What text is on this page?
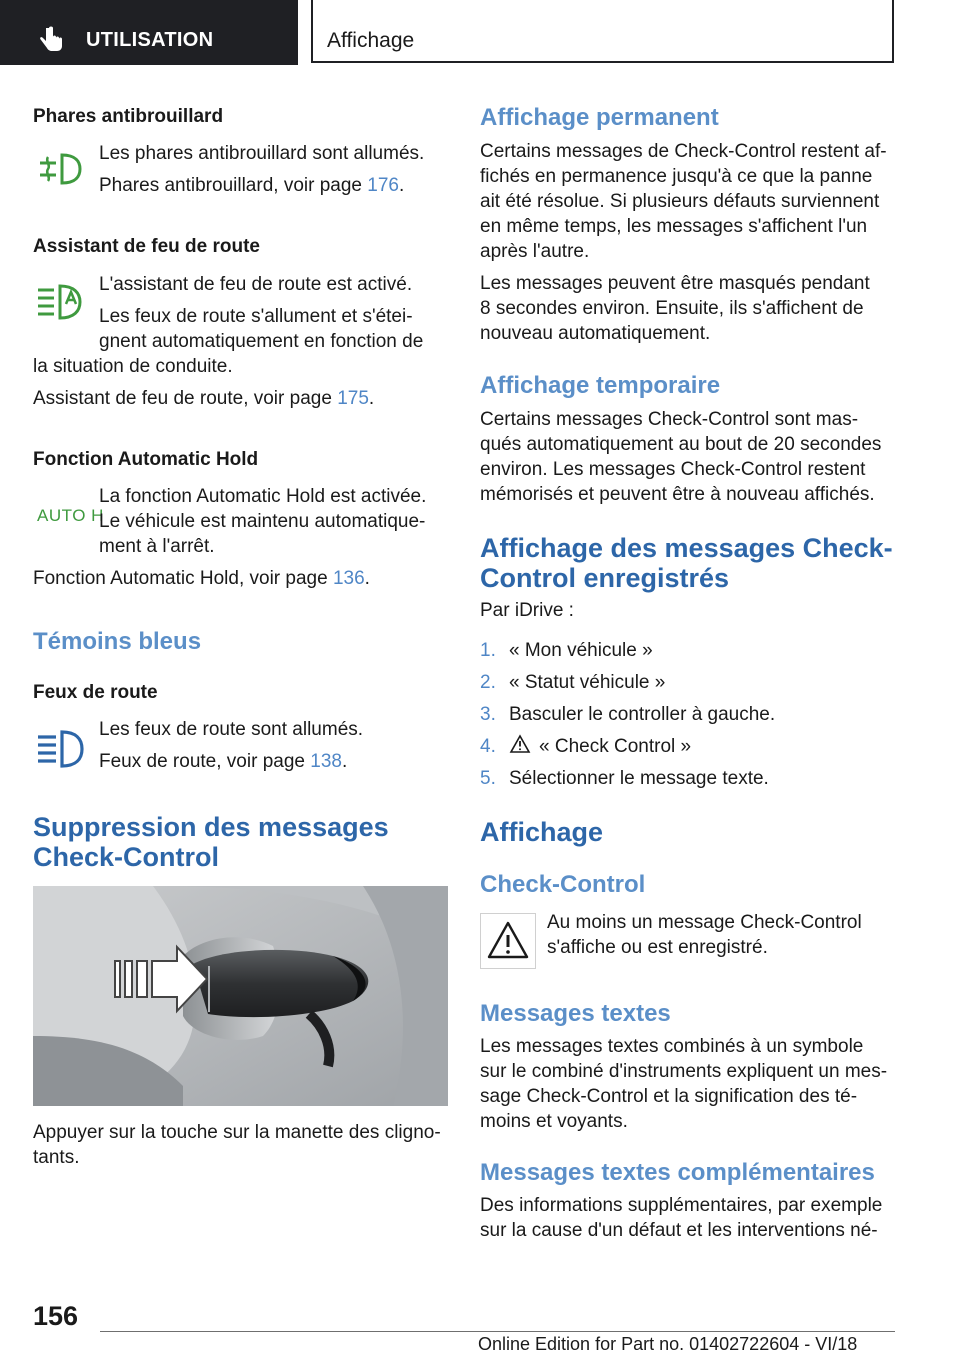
UTILISATION	Affichage
Phares antibrouillard
Les phares antibrouillard sont allumés.
Phares antibrouillard, voir page 176.
Assistant de feu de route
L'assistant de feu de route est activé.
Les feux de route s'allument et s'étei-
gnent automatiquement en fonction de
la situation de conduite.
Assistant de feu de route, voir page 175.
Fonction Automatic Hold
AUTO H
La fonction Automatic Hold est activée.
Le véhicule est maintenu automatique-
ment à l'arrêt.
Fonction Automatic Hold, voir page 136.
Témoins bleus
Feux de route
Les feux de route sont allumés.
Feux de route, voir page 138.
Suppression des messages
Check-Control
Appuyer sur la touche sur la manette des cligno-
tants.
Affichage permanent
Certains messages de Check-Control restent af-
fichés en permanence jusqu'à ce que la panne
ait été résolue. Si plusieurs défauts surviennent
en même temps, les messages s'affichent l'un
après l'autre.
Les messages peuvent être masqués pendant
8 secondes environ. Ensuite, ils s'affichent de
nouveau automatiquement.
Affichage temporaire
Certains messages Check-Control sont mas-
qués automatiquement au bout de 20 secondes
environ. Les messages Check-Control restent
mémorisés et peuvent être à nouveau affichés.
Affichage des messages Check-
Control enregistrés
Par iDrive :
1. « Mon véhicule »
2. « Statut véhicule »
3. Basculer le controller à gauche.
4. « Check Control »
5. Sélectionner le message texte.
Affichage
Check-Control
Au moins un message Check-Control
s'affiche ou est enregistré.
Messages textes
Les messages textes combinés à un symbole
sur le combiné d'instruments expliquent un mes-
sage Check-Control et la signification des té-
moins et voyants.
Messages textes complémentaires
Des informations supplémentaires, par exemple
sur la cause d'un défaut et les interventions né-
156
Online Edition for Part no. 01402722604 - VI/18
